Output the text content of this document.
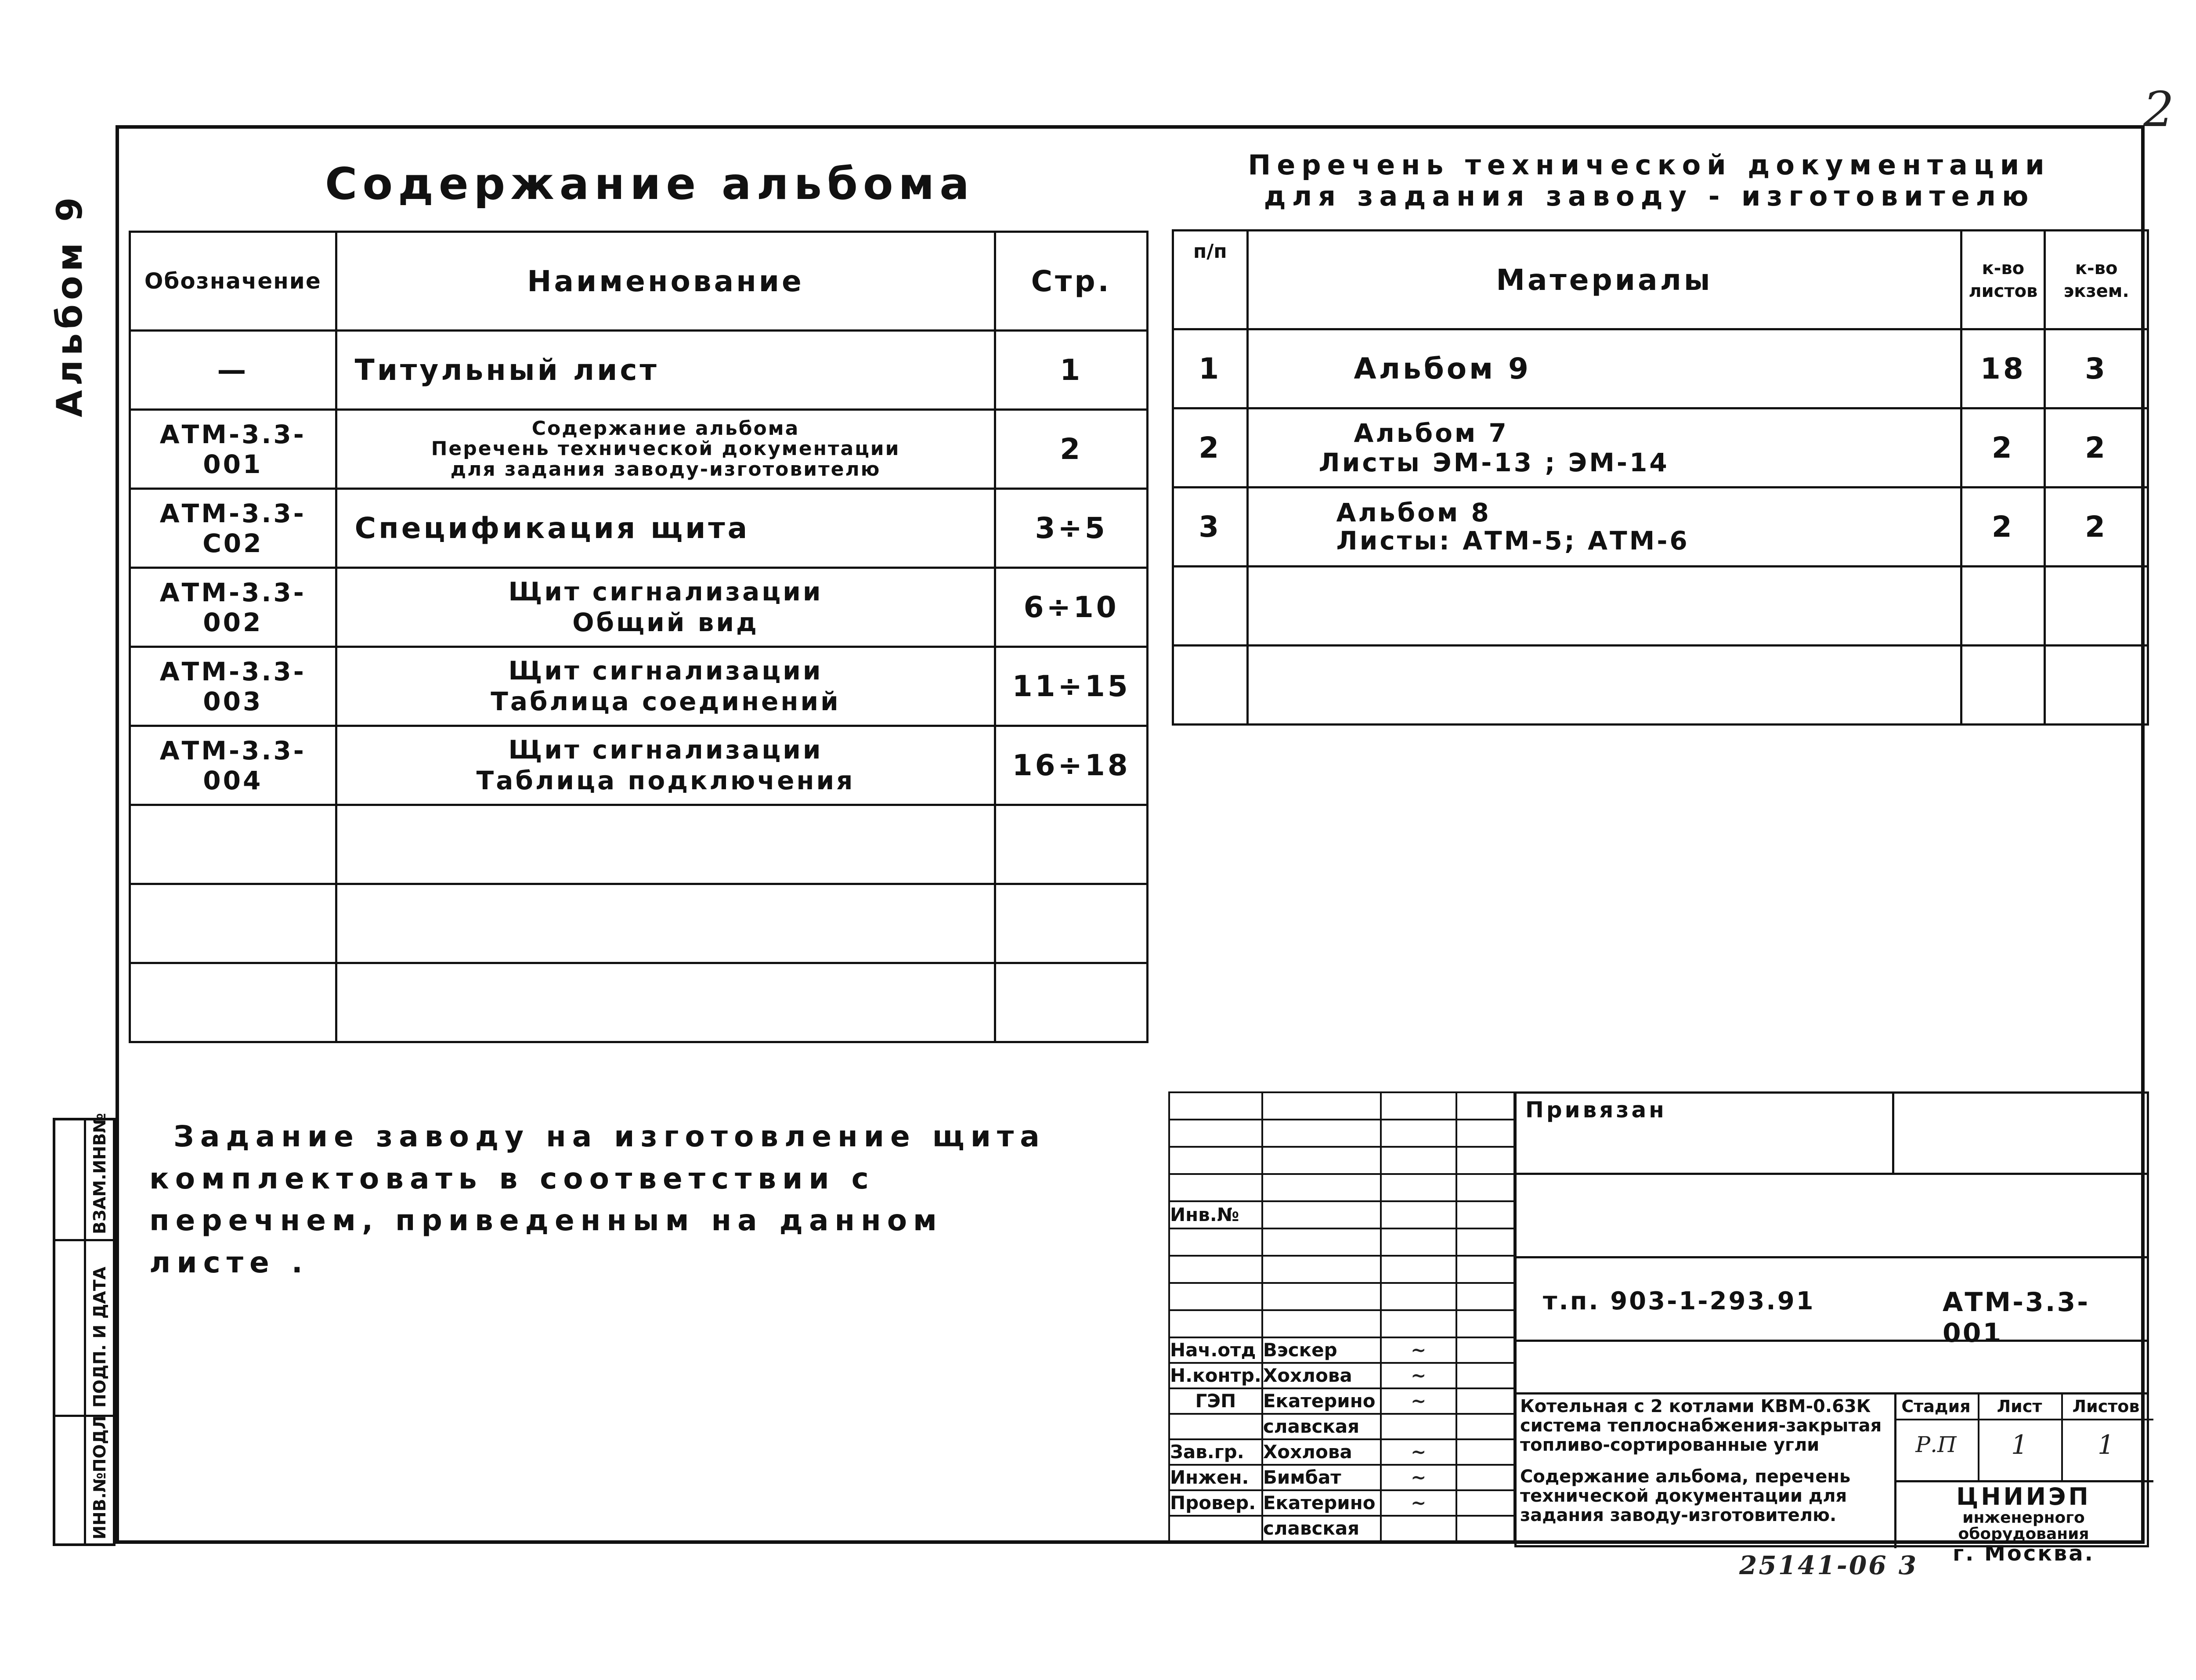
2
Альбом 9
ВЗАМ.ИНВ№
ПОДП. И ДАТА
ИНВ.№ПОДЛ
Содержание альбома
Обозначение	Наименование	Стр.
—	Титульный лист	1
АТМ-3.3-001	Содержание альбома
Перечень технической документации
для задания заводу-изготовителю	2
АТМ-3.3-С02	Спецификация щита	3÷5
АТМ-3.3-002	Щит сигнализации
Общий вид	6÷10
АТМ-3.3-003	Щит сигнализации
Таблица соединений	11÷15
АТМ-3.3-004	Щит сигнализации
Таблица подключения	16÷18

Перечень технической документации
для задания заводу - изготовителю
п/п	Материалы	к-во листов	к-во экзем.
1	Альбом 9	18	3
2	Альбом 7
Листы ЭМ-13 ; ЭМ-14	2	2
3	Альбом 8
Листы: АТМ-5; АТМ-6	2	2

Задание заводу на изготовление щита
комплектовать в соответствии с
перечнем, приведенным на данном
листе .

Инв.№			

Нач.отд	Вэскер	~	
Н.контр.	Хохлова	~	
ГЭП	Екатерино	~	
	славская		
Зав.гр.	Хохлова	~	
Инжен.	Бимбат	~	
Провер.	Екатерино	~	
	славская		
Привязан
т.п. 903-1-293.91	АТМ-3.3-001
Котельная с 2 котлами КВМ-0.63К
система теплоснабжения-закрытая
топливо-сортированные угли
Содержание альбома, перечень
технической документации для
задания заводу-изготовителю.
Стадия	Лист	Листов
Р.П	1	1
ЦНИИЭП
инженерного оборудования
г. Москва.
25141-06 3
